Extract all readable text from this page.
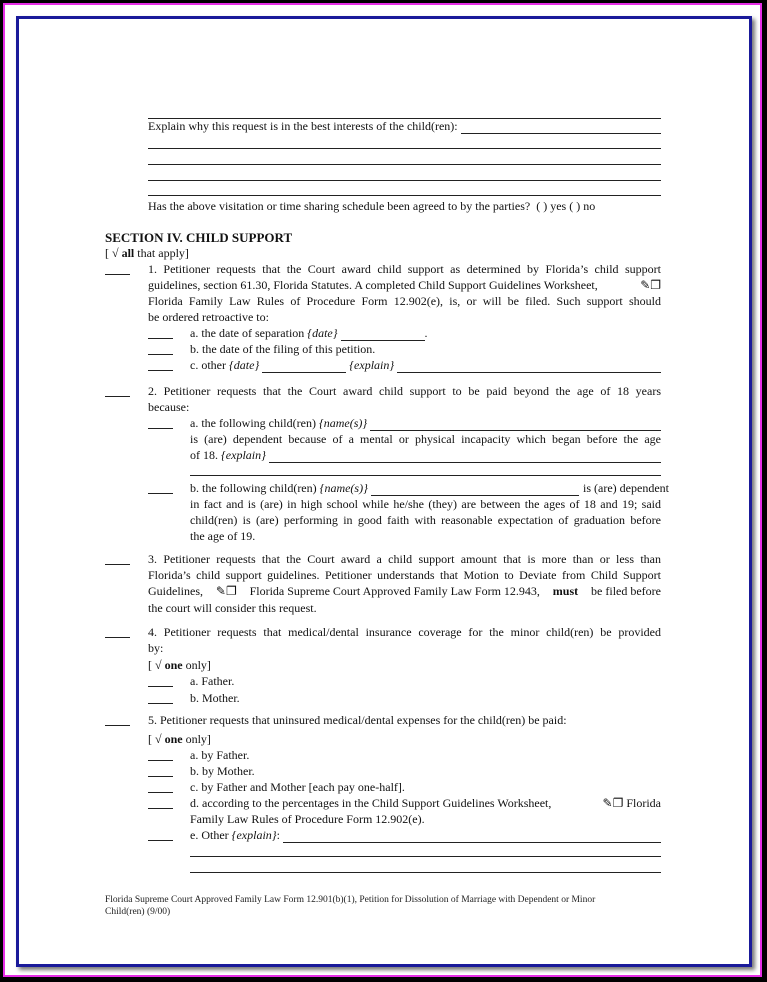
Explain why this request is in the best interests of the child(ren):
Has the above visitation or time sharing schedule been agreed to by the parties?
( ) yes
( ) no
SECTION IV. CHILD SUPPORT
[
√
all
that apply]
1. Petitioner requests that the Court award child support as determined by Florida’s child support
guidelines, section 61.30, Florida Statutes. A completed Child Support Guidelines Worksheet,	✎❐
Florida Family Law Rules of Procedure Form 12.902(e), is, or will be filed. Such support should
be ordered retroactive to:
a. the date of separation
{date}	.
b. the date of the filing of this petition.
c. other
{date}
	{explain}
2. Petitioner requests that the Court award child support to be paid beyond the age of 18 years
because:
a. the following child(ren)
{name(s)}
is (are) dependent because of a mental or physical incapacity which began before the age
of 18.
{explain}
b. the following child(ren)
{name(s)}	is (are) dependent
in fact and is (are) in high school while he/she (they) are between the ages of 18 and 19; said
child(ren) is (are) performing in good faith with reasonable expectation of graduation before
the age of 19.
3. Petitioner requests that the Court award a child support amount that is more than or less than
Florida’s child support guidelines. Petitioner understands that Motion to Deviate from Child Support
Guidelines, ✎❐ Florida Supreme Court Approved Family Law Form 12.943, must be filed before
the court will consider this request.
4. Petitioner requests that medical/dental insurance coverage for the minor child(ren) be provided
by:
[
√
one
only]
a. Father.
b. Mother.
5. Petitioner requests that uninsured medical/dental expenses for the child(ren) be paid:
[
√
one
only]
a. by Father.
b. by Mother.
c. by Father and Mother [each pay one-half].
d. according to the percentages in the Child Support Guidelines Worksheet,	✎❐ Florida
Family Law Rules of Procedure Form 12.902(e).
e. Other
{explain} :
Florida Supreme Court Approved Family Law Form 12.901(b)(1), Petition for Dissolution of Marriage with Dependent or Minor
Child(ren) (9/00)
